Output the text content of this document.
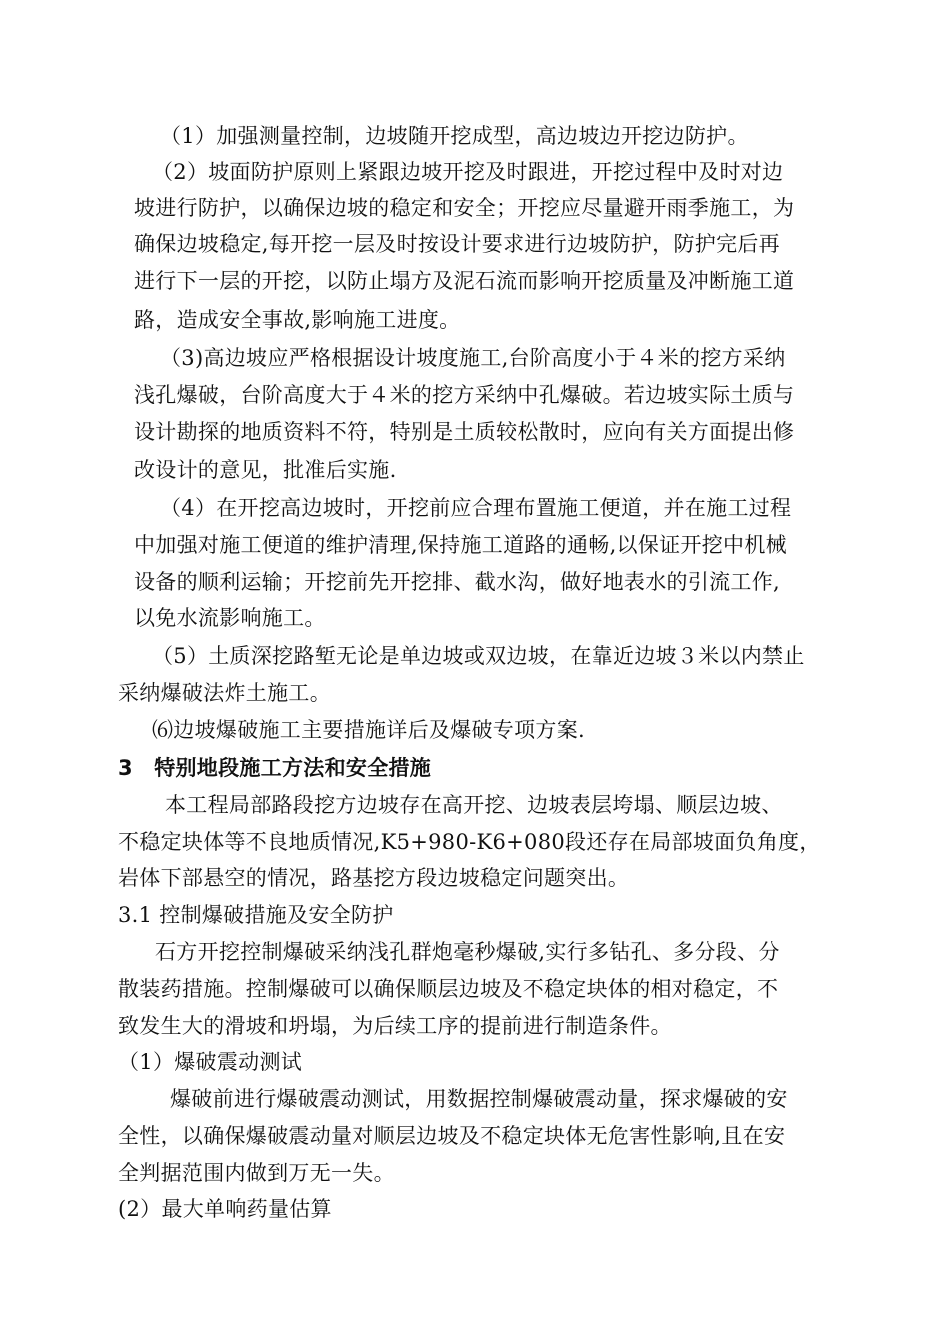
（1）加强测量控制，边坡随开挖成型，高边坡边开挖边防护。
（2）坡面防护原则上紧跟边坡开挖及时跟进，开挖过程中及时对边
坡进行防护，以确保边坡的稳定和安全；开挖应尽量避开雨季施工，为
确保边坡稳定,每开挖一层及时按设计要求进行边坡防护，防护完后再
进行下一层的开挖，以防止塌方及泥石流而影响开挖质量及冲断施工道
路，造成安全事故,影响施工进度。
（3)高边坡应严格根据设计坡度施工,台阶高度小于４米的挖方采纳
浅孔爆破，台阶高度大于４米的挖方采纳中孔爆破。若边坡实际土质与
设计勘探的地质资料不符，特别是土质较松散时，应向有关方面提出修
改设计的意见，批准后实施.
（4）在开挖高边坡时，开挖前应合理布置施工便道，并在施工过程
中加强对施工便道的维护清理,保持施工道路的通畅,以保证开挖中机械
设备的顺利运输；开挖前先开挖排、截水沟，做好地表水的引流工作,
以免水流影响施工。
（5）土质深挖路堑无论是单边坡或双边坡，在靠近边坡３米以内禁止
采纳爆破法炸土施工。
⑹边坡爆破施工主要措施详后及爆破专项方案.
3　特别地段施工方法和安全措施
本工程局部路段挖方边坡存在高开挖、边坡表层垮塌、顺层边坡、
不稳定块体等不良地质情况,K5+980-K6+080段还存在局部坡面负角度，
岩体下部悬空的情况，路基挖方段边坡稳定问题突出。
3.1 控制爆破措施及安全防护
石方开挖控制爆破采纳浅孔群炮毫秒爆破,实行多钻孔、多分段、分
散装药措施。控制爆破可以确保顺层边坡及不稳定块体的相对稳定，不
致发生大的滑坡和坍塌，为后续工序的提前进行制造条件。
（1）爆破震动测试
爆破前进行爆破震动测试，用数据控制爆破震动量，探求爆破的安
全性，以确保爆破震动量对顺层边坡及不稳定块体无危害性影响,且在安
全判据范围内做到万无一失。
(2）最大单响药量估算
